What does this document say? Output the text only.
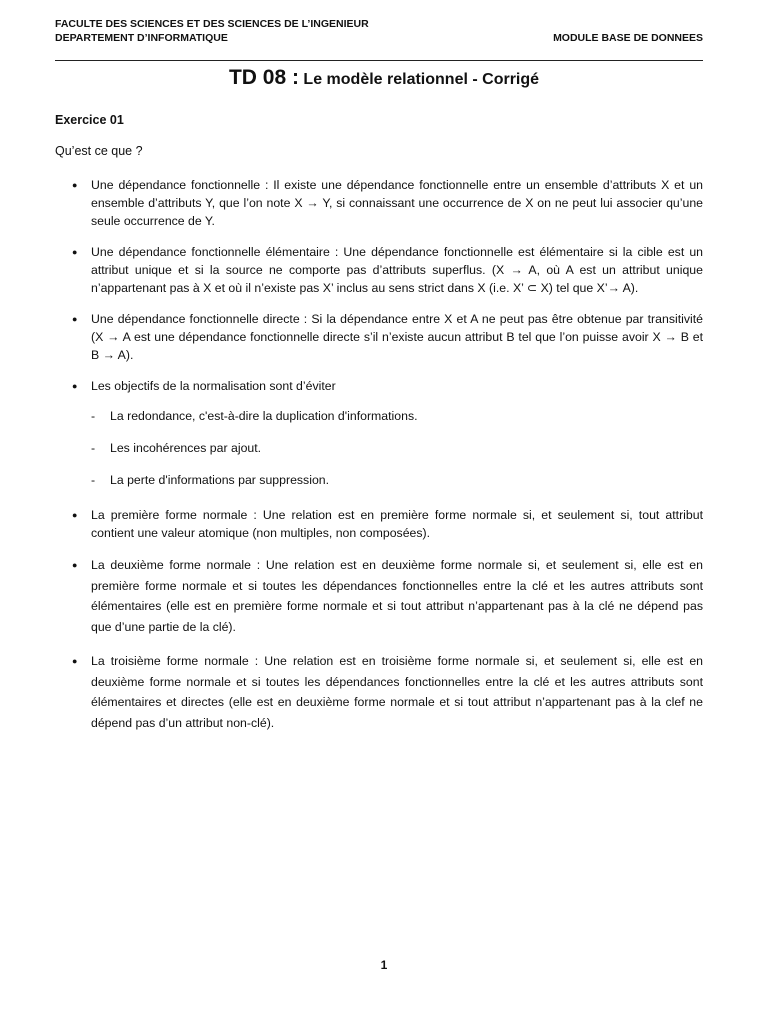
FACULTE DES SCIENCES ET DES SCIENCES DE L’INGENIEUR
DEPARTEMENT D’INFORMATIQUE	MODULE BASE DE DONNEES
TD 08 : Le modèle relationnel - Corrigé
Exercice 01
Qu’est ce que ?
● Une dépendance fonctionnelle : Il existe une dépendance fonctionnelle entre un ensemble d’attributs X et un ensemble d’attributs Y, que l’on note X → Y, si connaissant une occurrence de X on ne peut lui associer qu’une seule occurrence de Y.
● Une dépendance fonctionnelle élémentaire : Une dépendance fonctionnelle est élémentaire si la cible est un attribut unique et si la source ne comporte pas d’attributs superflus. (X → A, où A est un attribut unique n’appartenant pas à X et où il n’existe pas X’ inclus au sens strict dans X (i.e. X’ ⊂ X) tel que X’→ A).
● Une dépendance fonctionnelle directe : Si la dépendance entre X et A ne peut pas être obtenue par transitivité (X → A est une dépendance fonctionnelle directe s’il n’existe aucun attribut B tel que l’on puisse avoir X → B et B → A).
● Les objectifs de la normalisation sont d’éviter
- La redondance, c'est-à-dire la duplication d'informations.
- Les incohérences par ajout.
- La perte d'informations par suppression.
● La première forme normale : Une relation est en première forme normale si, et seulement si, tout attribut contient une valeur atomique (non multiples, non composées).
● La deuxième forme normale : Une relation est en deuxième forme normale si, et seulement si, elle est en première forme normale et si toutes les dépendances fonctionnelles entre la clé et les autres attributs sont élémentaires (elle est en première forme normale et si tout attribut n’appartenant pas à la clé ne dépend pas que d’une partie de la clé).
● La troisième forme normale : Une relation est en troisième forme normale si, et seulement si, elle est en deuxième forme normale et si toutes les dépendances fonctionnelles entre la clé et les autres attributs sont élémentaires et directes (elle est en deuxième forme normale et si tout attribut n’appartenant pas à la clef ne dépend pas d’un attribut non-clé).
1
